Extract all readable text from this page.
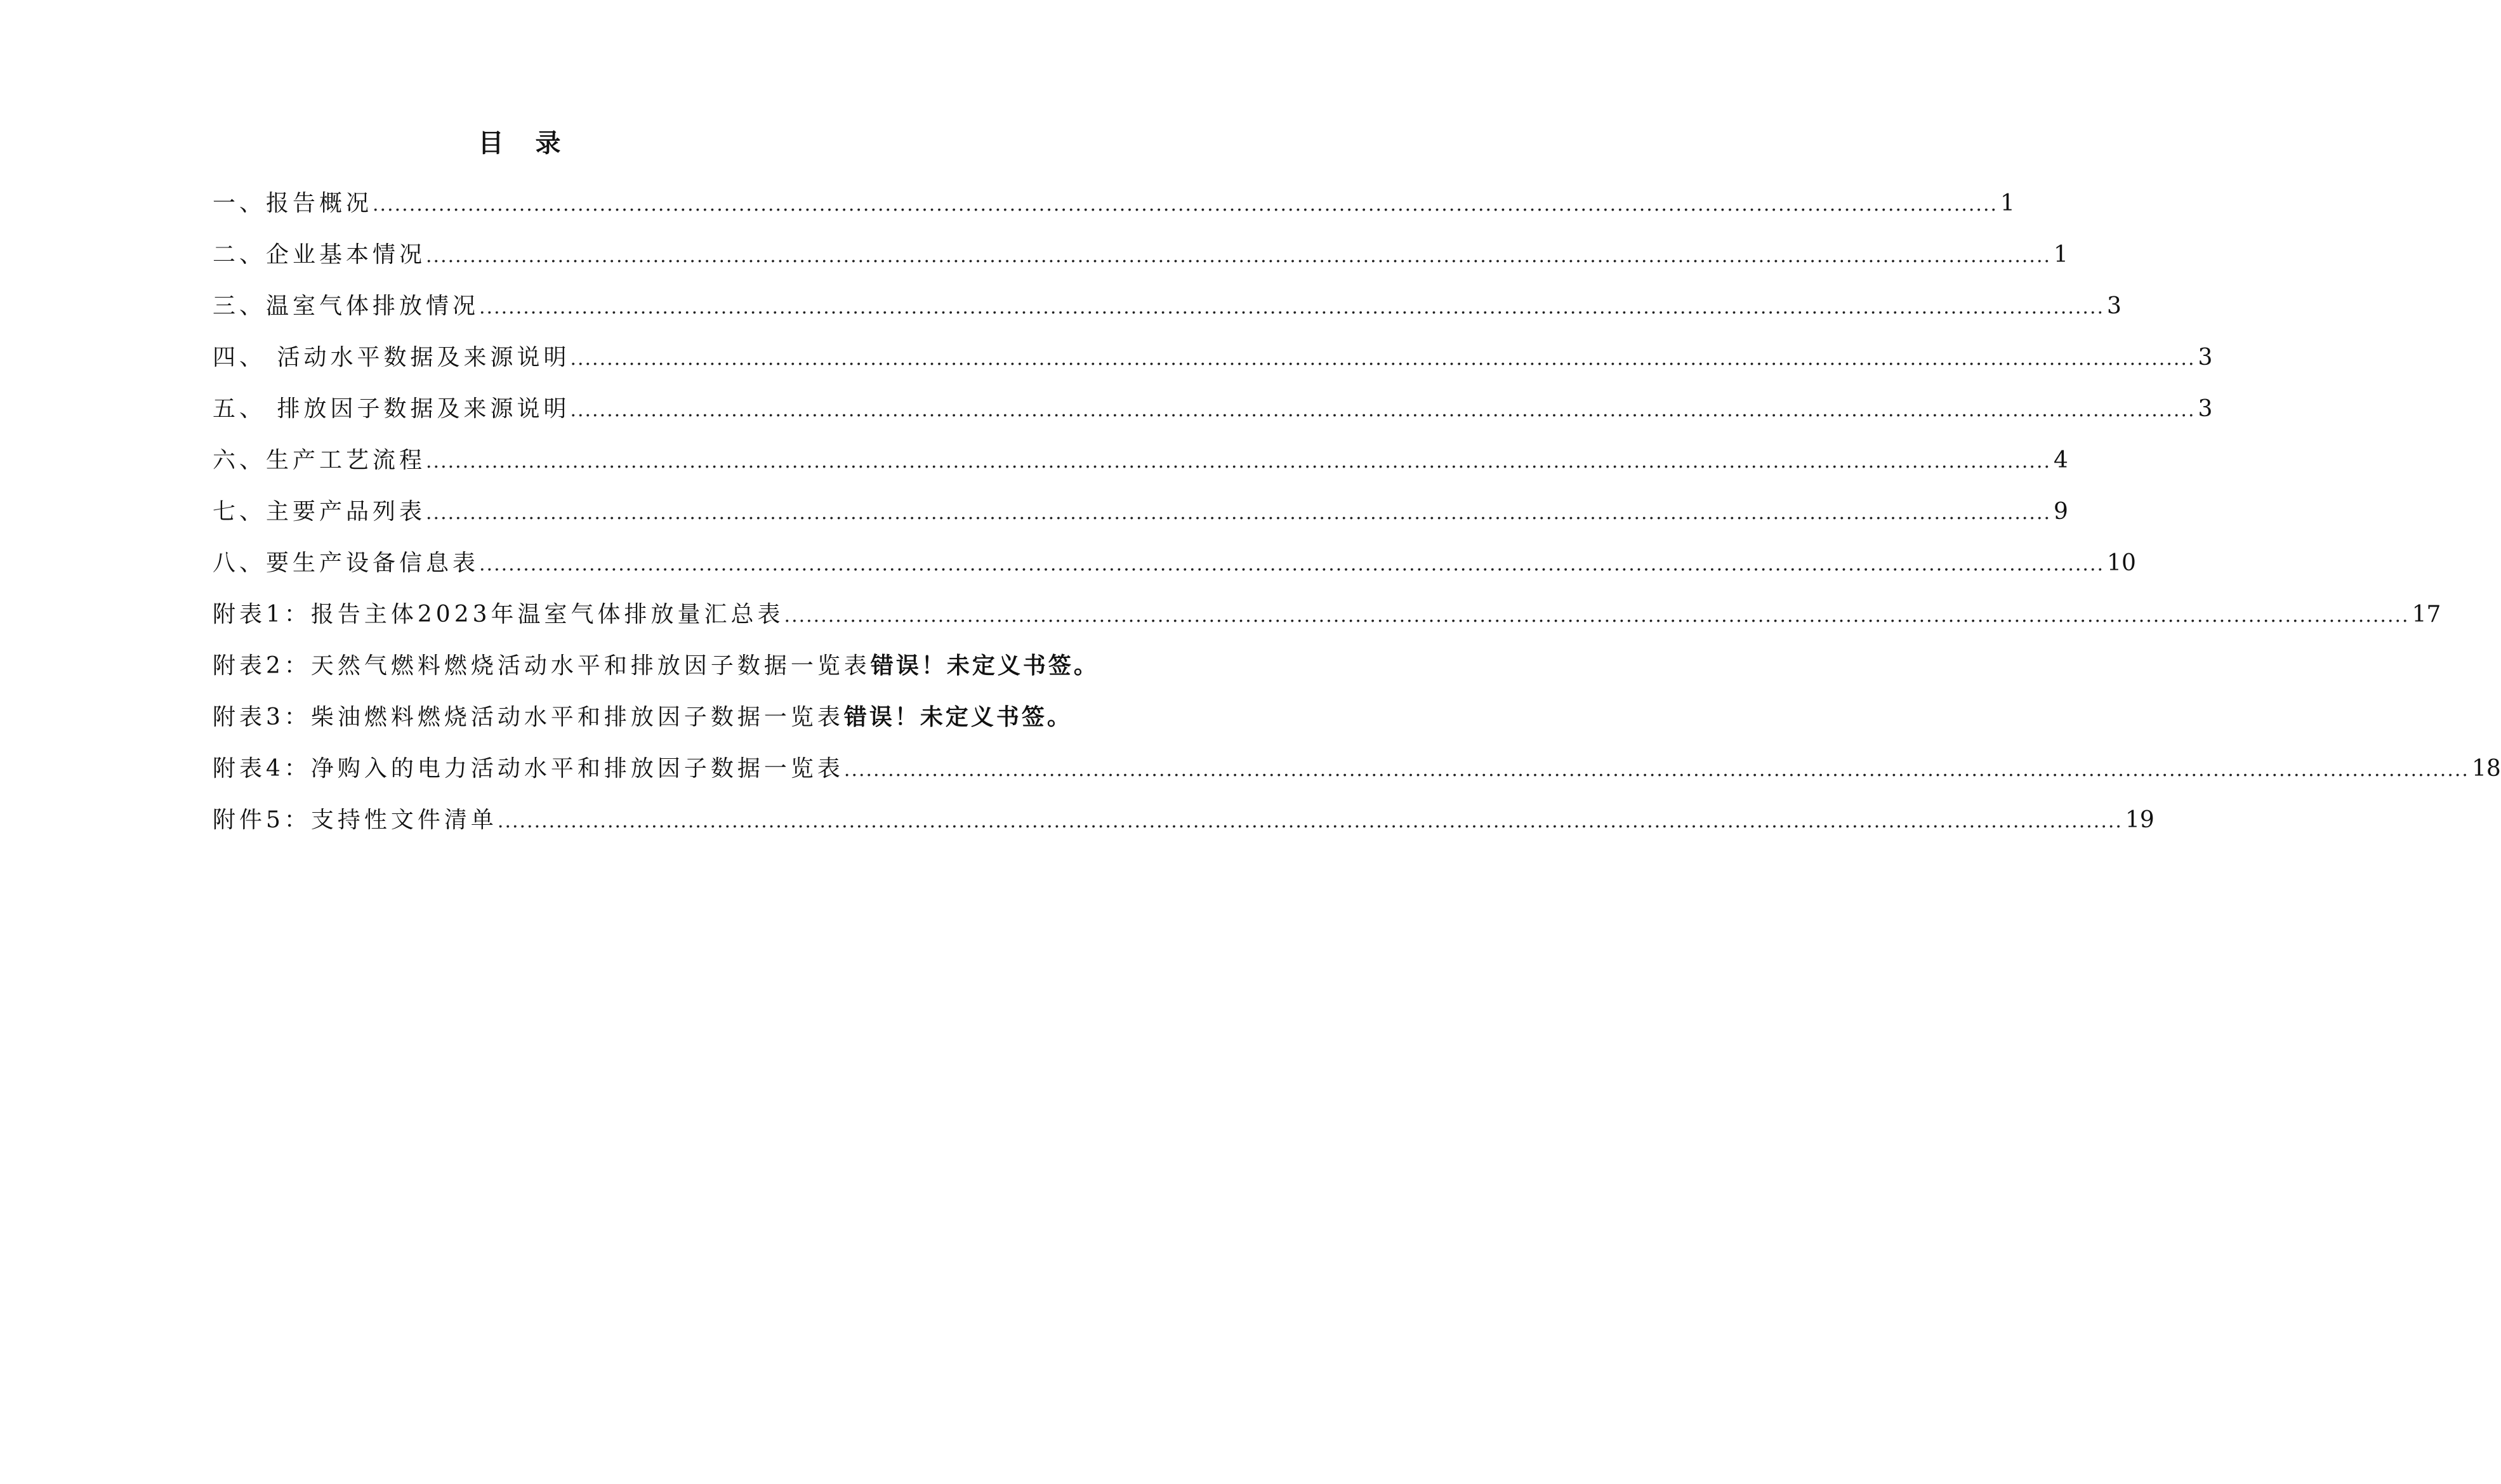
目 录
一、报告概况 .....	1
二、企业基本情况 .....	1
三、温室气体排放情况 .....	3
四、 活动水平数据及来源说明 .....	3
五、 排放因子数据及来源说明 .....	3
六、生产工艺流程 .....	4
七、主要产品列表 .....	9
八、要生产设备信息表 .....	10
附表1：报告主体2023年温室气体排放量汇总表 .....	17
附表2：天然气燃料燃烧活动水平和排放因子数据一览表 错误！未定义书签。
附表3：柴油燃料燃烧活动水平和排放因子数据一览表 错误！未定义书签。
附表4：净购入的电力活动水平和排放因子数据一览表 .....	18
附件5：支持性文件清单 .....	19
